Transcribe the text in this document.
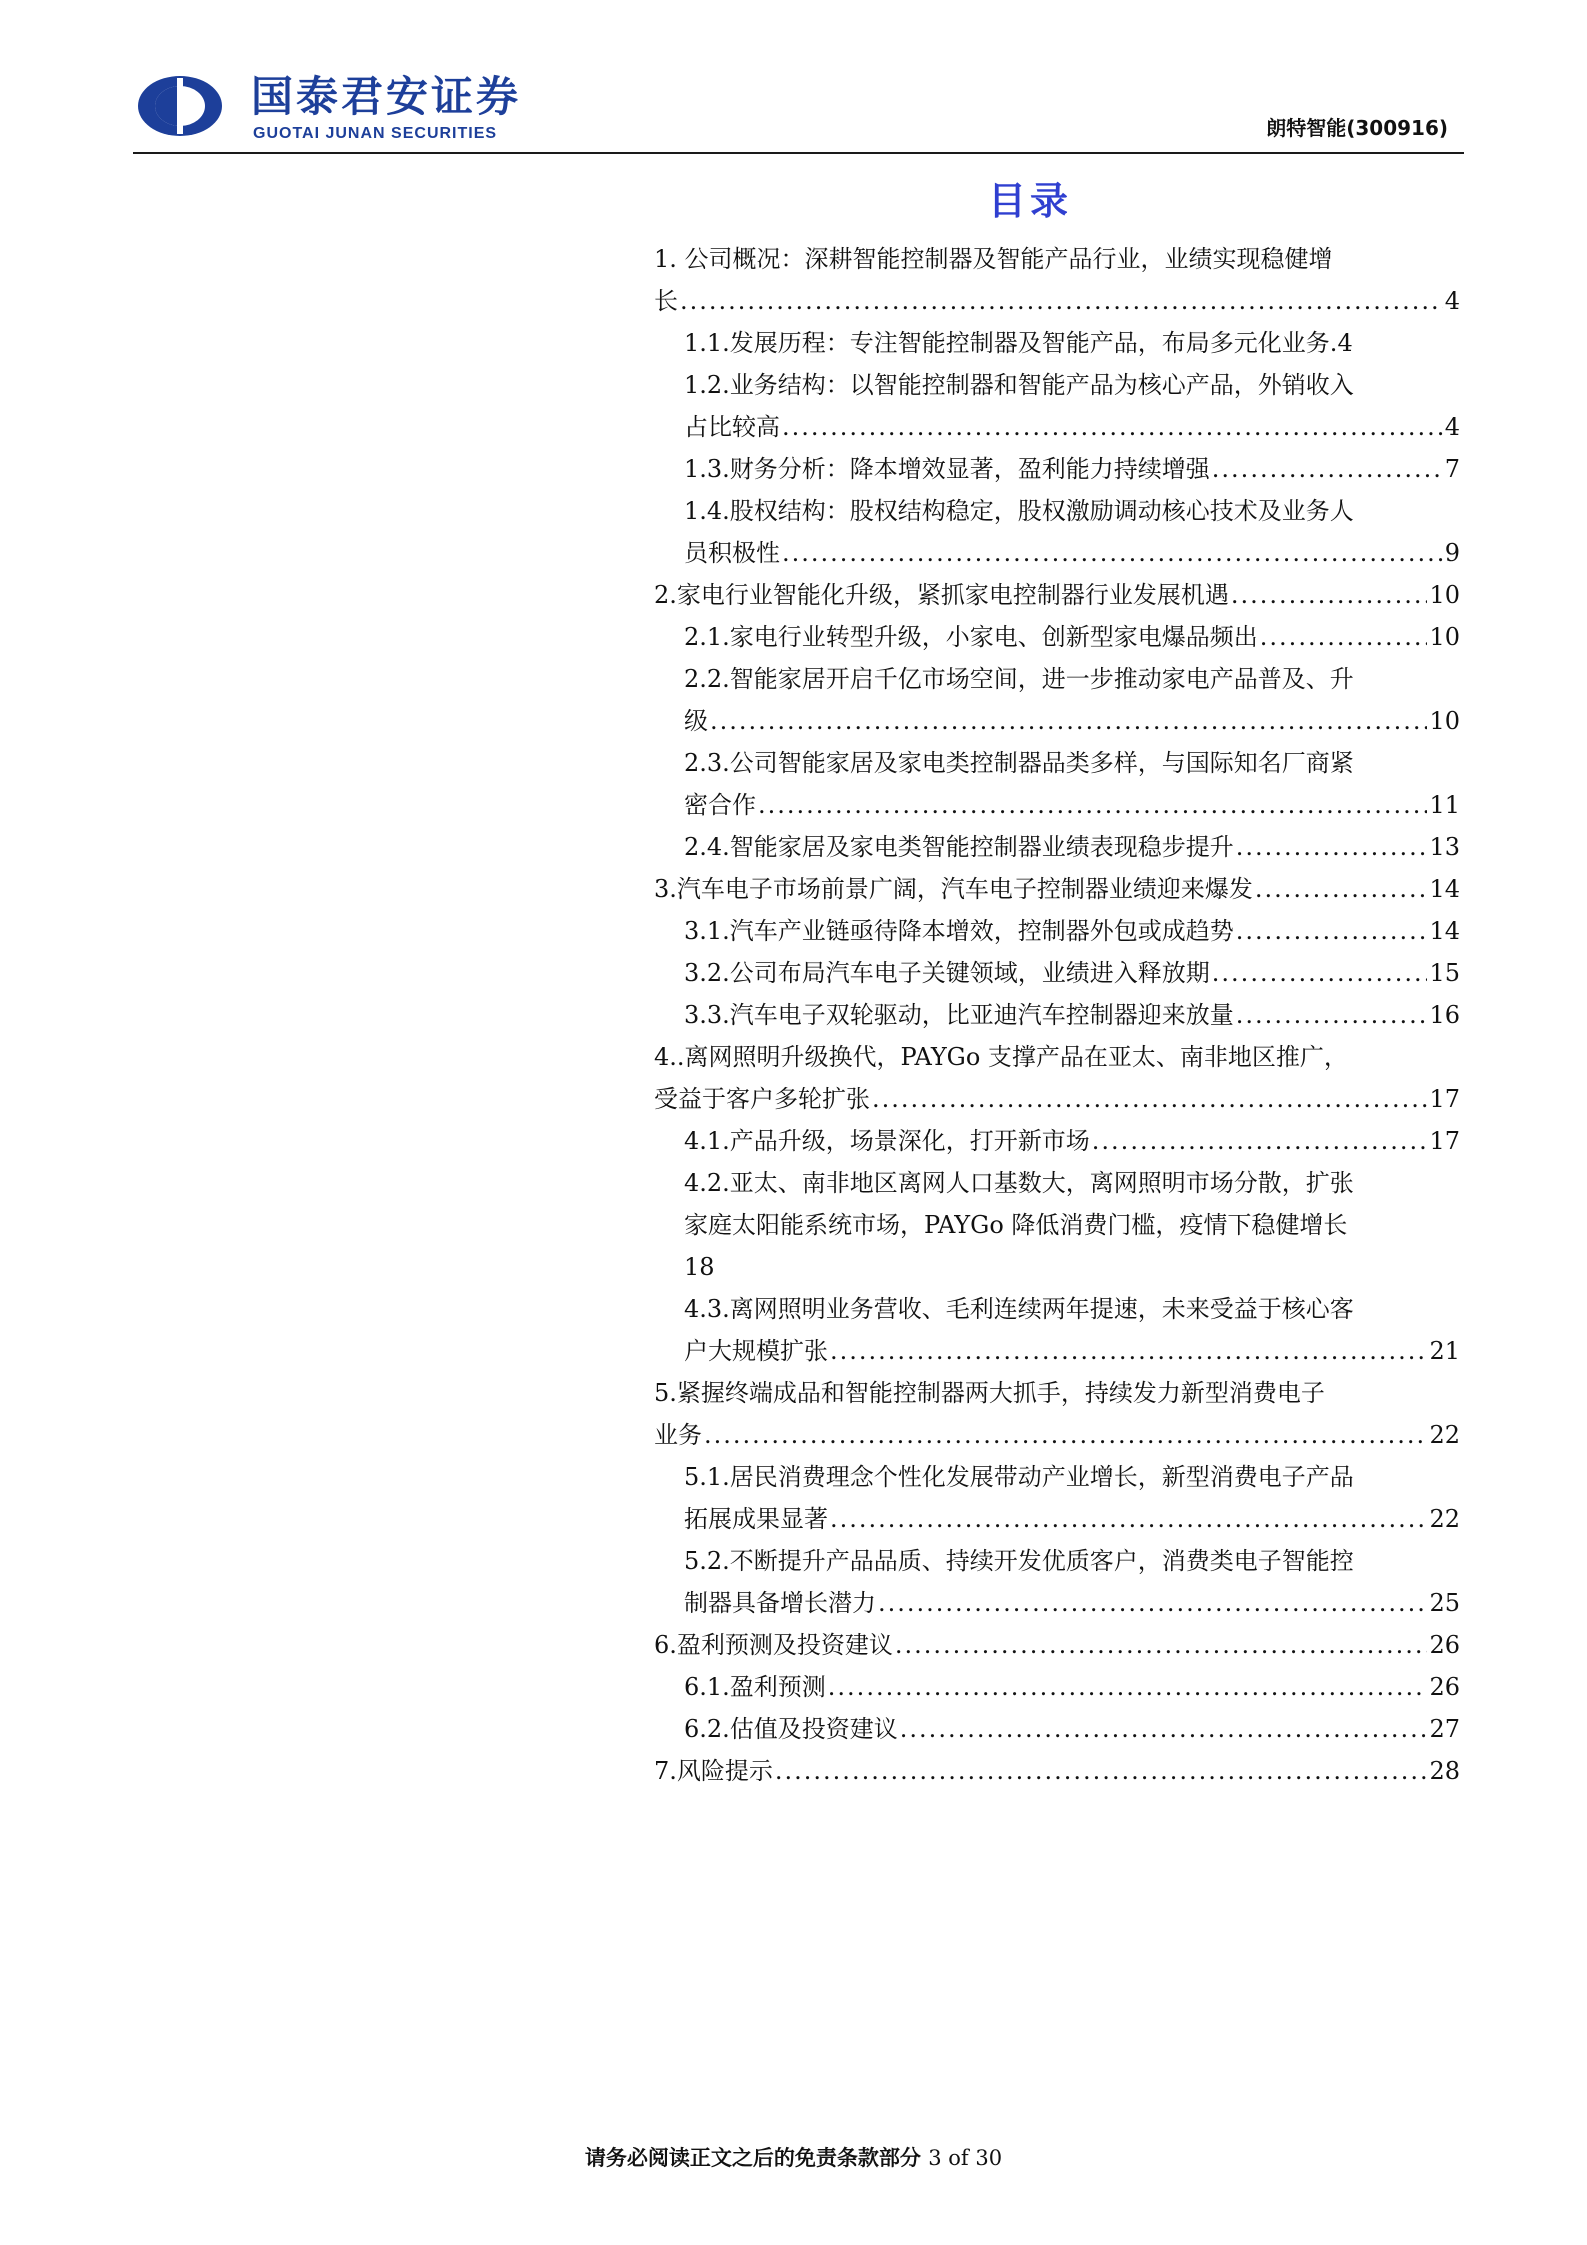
国泰君安证券
GUOTAI JUNAN SECURITIES	朗特智能(300916)
目录
1. 公司概况：深耕智能控制器及智能产品行业，业绩实现稳健增
长 .....	4
1.1.发展历程：专注智能控制器及智能产品，布局多元化业务. 4
1.2.业务结构：以智能控制器和智能产品为核心产品，外销收入
占比较高 .....	4
1.3.财务分析：降本增效显著，盈利能力持续增强 .....	7
1.4.股权结构：股权结构稳定，股权激励调动核心技术及业务人
员积极性 .....	9
2.家电行业智能化升级，紧抓家电控制器行业发展机遇 .....	10
2.1.家电行业转型升级，小家电、创新型家电爆品频出 .....	10
2.2.智能家居开启千亿市场空间，进一步推动家电产品普及、升
级 .....	10
2.3.公司智能家居及家电类控制器品类多样，与国际知名厂商紧
密合作 .....	11
2.4.智能家居及家电类智能控制器业绩表现稳步提升 .....	13
3.汽车电子市场前景广阔，汽车电子控制器业绩迎来爆发 .....	14
3.1.汽车产业链亟待降本增效，控制器外包或成趋势 .....	14
3.2.公司布局汽车电子关键领域，业绩进入释放期 .....	15
3.3.汽车电子双轮驱动，比亚迪汽车控制器迎来放量 .....	16
4..离网照明升级换代，PAYGo 支撑产品在亚太、南非地区推广，
受益于客户多轮扩张 .....	17
4.1.产品升级，场景深化，打开新市场 .....	17
4.2.亚太、南非地区离网人口基数大，离网照明市场分散，扩张
家庭太阳能系统市场，PAYGo 降低消费门槛，疫情下稳健增长
18
4.3.离网照明业务营收、毛利连续两年提速，未来受益于核心客
户大规模扩张 .....	21
5.紧握终端成品和智能控制器两大抓手，持续发力新型消费电子
业务 .....	22
5.1.居民消费理念个性化发展带动产业增长，新型消费电子产品
拓展成果显著 .....	22
5.2.不断提升产品品质、持续开发优质客户，消费类电子智能控
制器具备增长潜力 .....	25
6.盈利预测及投资建议 .....	26
6.1.盈利预测 .....	26
6.2.估值及投资建议 .....	27
7.风险提示 .....	28
请务必阅读正文之后的免责条款部分 3 of 30
